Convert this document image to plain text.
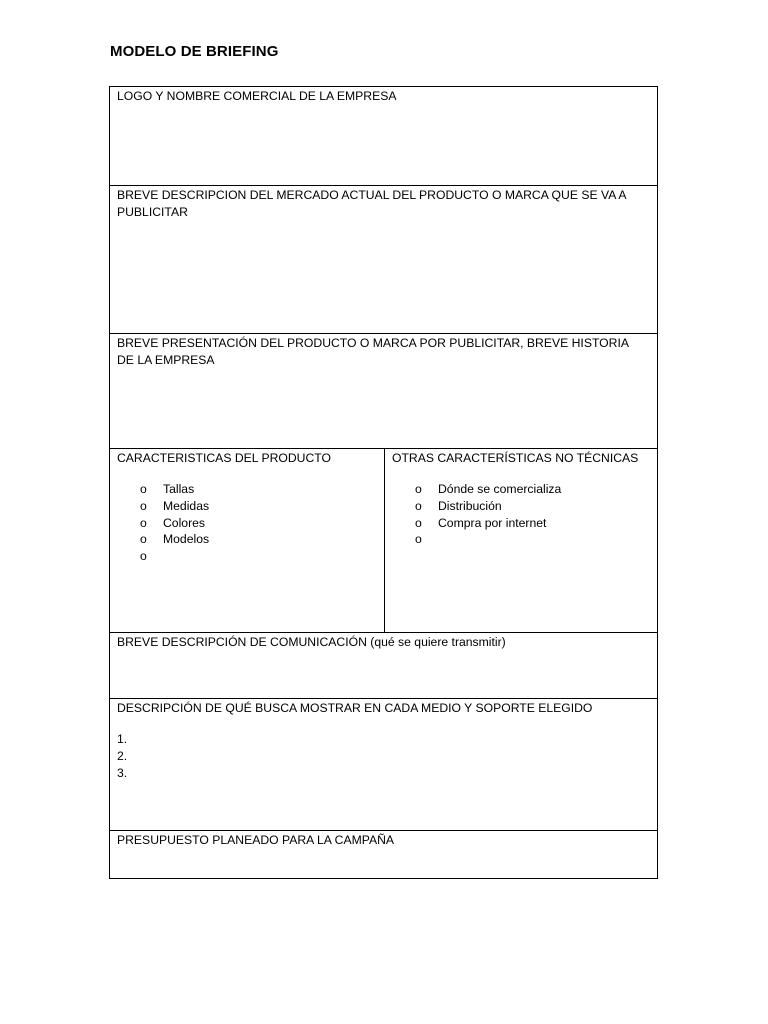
MODELO DE BRIEFING
LOGO Y NOMBRE COMERCIAL DE LA EMPRESA
BREVE DESCRIPCION DEL MERCADO ACTUAL DEL PRODUCTO O MARCA QUE SE VA A PUBLICITAR
BREVE PRESENTACIÓN DEL PRODUCTO O MARCA POR PUBLICITAR, BREVE HISTORIA DE LA EMPRESA
CARACTERISTICAS DEL PRODUCTO
o Tallas
o Medidas
o Colores
o Modelos
o
OTRAS CARACTERÍSTICAS NO TÉCNICAS
o Dónde se comercializa
o Distribución
o Compra por internet
o
BREVE DESCRIPCIÓN DE COMUNICACIÓN (qué se quiere transmitir)
DESCRIPCIÓN DE QUÉ BUSCA MOSTRAR EN CADA MEDIO Y SOPORTE ELEGIDO
1.
2.
3.
PRESUPUESTO PLANEADO PARA LA CAMPAÑA
